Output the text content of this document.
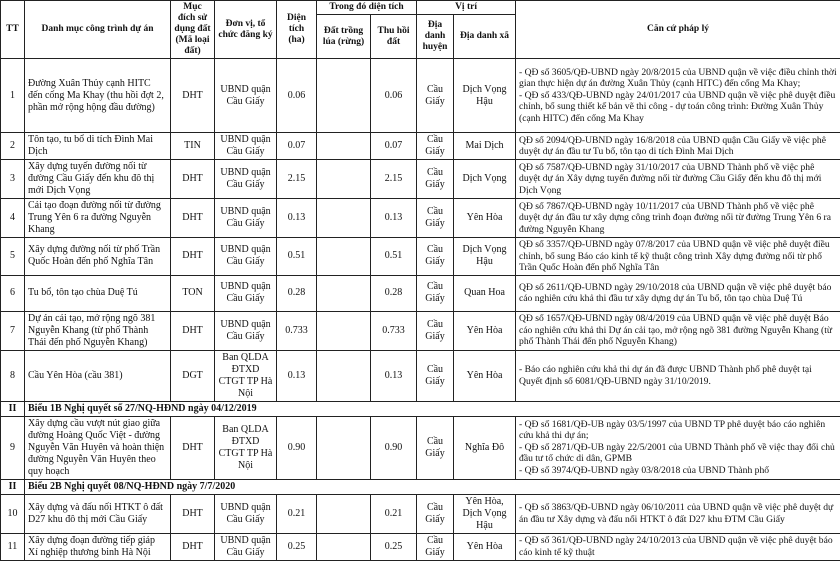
TT	Danh mục công trình dự án	Mục đích sử dụng đất (Mã loại đất)	Đơn vị, tổ chức đăng ký	Diện tích (ha)	Trong đó diện tích		Vị trí		Căn cứ pháp lý
					Đất trồng lúa (rừng)	Thu hồi đất	Địa danh huyện	Địa danh xã	
1	Đường Xuân Thủy cạnh HITC đến cống Ma Khay (thu hồi đợt 2, phần mở rộng hộng đầu đường)	DHT	UBND quận Cầu Giấy	0.06		0.06	Cầu Giấy	Dịch Vọng Hậu	- QĐ số 3605/QĐ-UBND ngày 20/8/2015 của UBND quận về việc điều chỉnh thời gian thực hiện dự án đường Xuân Thủy (cạnh HITC) đến cống Ma Khay;
- QĐ số 433/QĐ-UBND ngày 24/01/2017 của UBND quận về việc phê duyệt điều chỉnh, bổ sung thiết kế bản vẽ thi công - dự toán công trình: Đường Xuân Thủy (cạnh HITC) đến cống Ma Khay

2	Tôn tạo, tu bổ di tích Đình Mai Dịch	TIN	UBND quận Cầu Giấy	0.07		0.07	Cầu Giấy	Mai Dịch	QĐ số 2094/QĐ-UBND ngày 16/8/2018 của UBND quận Cầu Giấy về việc phê duyệt dự án đầu tư Tu bổ, tôn tạo di tích Đình Mai Dịch

3	Xây dựng tuyến đường nối từ đường Cầu Giấy đến khu đô thị mới Dịch Vọng	DHT	UBND quận Cầu Giấy	2.15		2.15	Cầu Giấy	Dịch Vọng	QĐ số 7587/QĐ-UBND ngày 31/10/2017 của UBND Thành phố về việc phê duyệt dự án Xây dựng tuyến đường nối từ đường Cầu Giấy đến khu đô thị mới Dịch Vọng

4	Cải tạo đoạn đường nối từ đường Trung Yên 6 ra đường Nguyễn Khang	DHT	UBND quận Cầu Giấy	0.13		0.13	Cầu Giấy	Yên Hòa	QĐ số 7867/QĐ-UBND ngày 10/11/2017 của UBND Thành phố về việc phê duyệt dự án đầu tư xây dựng công trình đoạn đường nối từ đường Trung Yên 6 ra đường Nguyễn Khang

5	Xây dựng đường nối từ phố Trần Quốc Hoàn đến phố Nghĩa Tân	DHT	UBND quận Cầu Giấy	0.51		0.51	Cầu Giấy	Dịch Vọng Hậu	QĐ số 3357/QĐ-UBND ngày 07/8/2017 của UBND quận về việc phê duyệt điều chỉnh, bổ sung Báo cáo kinh tế kỹ thuật công trình Xây dựng đường nối từ phố Trần Quốc Hoàn đến phố Nghĩa Tân

6	Tu bổ, tôn tạo chùa Duệ Tú	TON	UBND quận Cầu Giấy	0.28		0.28	Cầu Giấy	Quan Hoa	QĐ số 2611/QĐ-UBND ngày 29/10/2018 của UBND quận về việc phê duyệt báo cáo nghiên cứu khả thi đầu tư xây dựng dự án Tu bổ, tôn tạo chùa Duệ Tú

7	Dự án cải tạo, mở rộng ngõ 381 Nguyễn Khang (từ phố Thành Thái đến phố Nguyễn Khang)	DHT	UBND quận Cầu Giấy	0.733		0.733	Cầu Giấy	Yên Hòa	QĐ số 1657/QĐ-UBND ngày 08/4/2019 của UBND quận về việc phê duyệt Báo cáo nghiên cứu khả thi Dự án cải tạo, mở rộng ngõ 381 đường Nguyễn Khang (từ phố Thành Thái đến phố Nguyễn Khang)

8	Cầu Yên Hòa (cầu 381)	DGT	Ban QLDA ĐTXD CTGT TP Hà Nội	0.13		0.13	Cầu Giấy	Yên Hòa	- Báo cáo nghiên cứu khả thi dự án đã được UBND Thành phố phê duyệt tại Quyết định số 6081/QĐ-UBND ngày 31/10/2019.

II	Biểu 1B Nghị quyết số 27/NQ-HĐND ngày 04/12/2019								
9	Xây dựng cầu vượt nút giao giữa đường Hoàng Quốc Việt - đường Nguyễn Văn Huyên và hoàn thiện đường Nguyễn Văn Huyên theo quy hoạch	DHT	Ban QLDA ĐTXD CTGT TP Hà Nội	0.90		0.90	Cầu Giấy	Nghĩa Đô	- QĐ số 1681/QĐ-UB ngày 03/5/1997 của UBND TP phê duyệt báo cáo nghiên cứu khả thi dự án;
- QĐ số 2871/QĐ-UB ngày 22/5/2001 của UBND Thành phố về việc thay đổi chủ đầu tư tổ chức di dân, GPMB
- QĐ số 3974/QĐ-UBND ngày 03/8/2018 của UBND Thành phố

II	Biểu 2B Nghị quyết 08/NQ-HĐND ngày 7/7/2020								
10	Xây dựng và đấu nối HTKT ô đất D27 khu đô thị mới Cầu Giấy	DHT	UBND quận Cầu Giấy	0.21		0.21	Cầu Giấy	Yên Hòa, Dịch Vọng Hậu	- QĐ số 3863/QĐ-UBND ngày 06/10/2011 của UBND quận về việc phê duyệt dự án đầu tư Xây dựng và đấu nối HTKT ô đất D27 khu ĐTM Cầu Giấy

11	Xây dựng đoạn đường tiếp giáp Xí nghiệp thương binh Hà Nội	DHT	UBND quận Cầu Giấy	0.25		0.25	Cầu Giấy	Yên Hòa	- QĐ số 361/QĐ-UBND ngày 24/10/2013 của UBND quận về việc phê duyệt báo cáo kinh tế kỹ thuật
